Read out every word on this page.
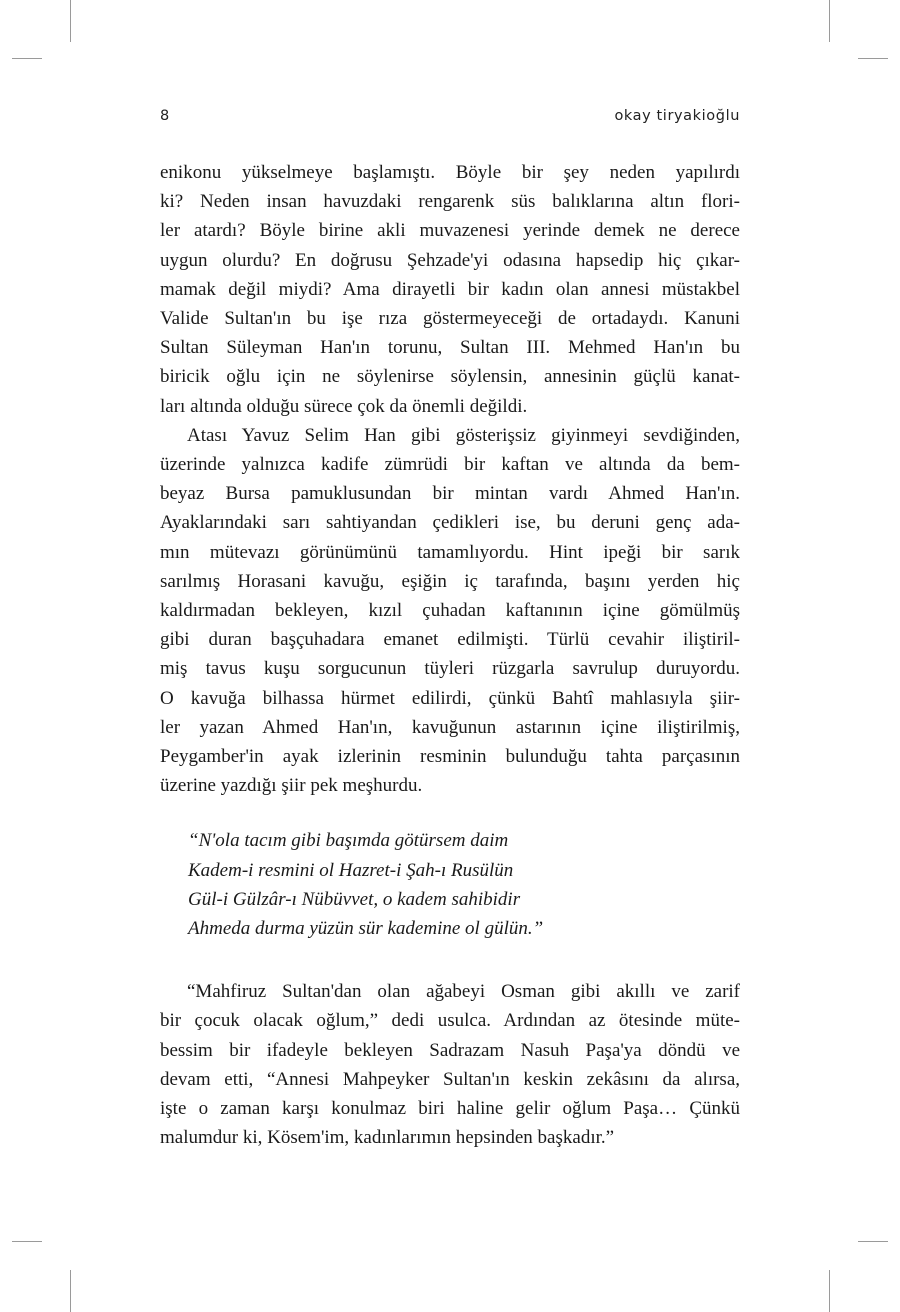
8	okay tiryakioğlu

enikonu yükselmeye başlamıştı. Böyle bir şey neden yapılırdı
ki? Neden insan havuzdaki rengarenk süs balıklarına altın flori-
ler atardı? Böyle birine akli muvazenesi yerinde demek ne derece
uygun olurdu? En doğrusu Şehzade'yi odasına hapsedip hiç çıkar-
mamak değil miydi? Ama dirayetli bir kadın olan annesi müstakbel
Valide Sultan'ın bu işe rıza göstermeyeceği de ortadaydı. Kanuni
Sultan Süleyman Han'ın torunu, Sultan III. Mehmed Han'ın bu
biricik oğlu için ne söylenirse söylensin, annesinin güçlü kanat-
ları altında olduğu sürece çok da önemli değildi.

Atası Yavuz Selim Han gibi gösterişsiz giyinmeyi sevdiğinden,
üzerinde yalnızca kadife zümrüdi bir kaftan ve altında da bem-
beyaz Bursa pamuklusundan bir mintan vardı Ahmed Han'ın.
Ayaklarındaki sarı sahtiyandan çedikleri ise, bu deruni genç ada-
mın mütevazı görünümünü tamamlıyordu. Hint ipeği bir sarık
sarılmış Horasani kavuğu, eşiğin iç tarafında, başını yerden hiç
kaldırmadan bekleyen, kızıl çuhadan kaftanının içine gömülmüş
gibi duran başçuhadara emanet edilmişti. Türlü cevahir iliştiril-
miş tavus kuşu sorgucunun tüyleri rüzgarla savrulup duruyordu.
O kavuğa bilhassa hürmet edilirdi, çünkü Bahtî mahlasıyla şiir-
ler yazan Ahmed Han'ın, kavuğunun astarının içine iliştirilmiş,
Peygamber'in ayak izlerinin resminin bulunduğu tahta parçasının
üzerine yazdığı şiir pek meşhurdu.

“N'ola tacım gibi başımda götürsem daim
Kadem-i resmini ol Hazret-i Şah-ı Rusülün
Gül-i Gülzâr-ı Nübüvvet, o kadem sahibidir
Ahmeda durma yüzün sür kademine ol gülün.”

“Mahfiruz Sultan'dan olan ağabeyi Osman gibi akıllı ve zarif
bir çocuk olacak oğlum,” dedi usulca. Ardından az ötesinde müte-
bessim bir ifadeyle bekleyen Sadrazam Nasuh Paşa'ya döndü ve
devam etti, “Annesi Mahpeyker Sultan'ın keskin zekâsını da alırsa,
işte o zaman karşı konulmaz biri haline gelir oğlum Paşa… Çünkü
malumdur ki, Kösem'im, kadınlarımın hepsinden başkadır.”
